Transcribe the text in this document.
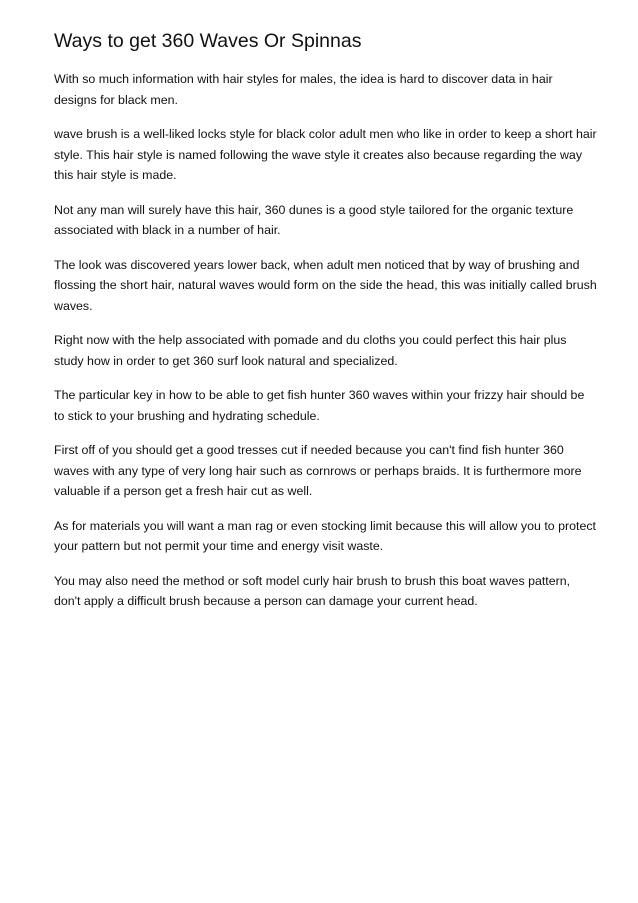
Ways to get 360 Waves Or Spinnas

With so much information with hair styles for males, the idea is hard to discover data in hair designs for black men.

wave brush is a well-liked locks style for black color adult men who like in order to keep a short hair style. This hair style is named following the wave style it creates also because regarding the way this hair style is made.

Not any man will surely have this hair, 360 dunes is a good style tailored for the organic texture associated with black in a number of hair.

The look was discovered years lower back, when adult men noticed that by way of brushing and flossing the short hair, natural waves would form on the side the head, this was initially called brush waves.

Right now with the help associated with pomade and du cloths you could perfect this hair plus study how in order to get 360 surf look natural and specialized.

The particular key in how to be able to get fish hunter 360 waves within your frizzy hair should be to stick to your brushing and hydrating schedule.

First off of you should get a good tresses cut if needed because you can't find fish hunter 360 waves with any type of very long hair such as cornrows or perhaps braids. It is furthermore more valuable if a person get a fresh hair cut as well.

As for materials you will want a man rag or even stocking limit because this will allow you to protect your pattern but not permit your time and energy visit waste.

You may also need the method or soft model curly hair brush to brush this boat waves pattern, don't apply a difficult brush because a person can damage your current head.
